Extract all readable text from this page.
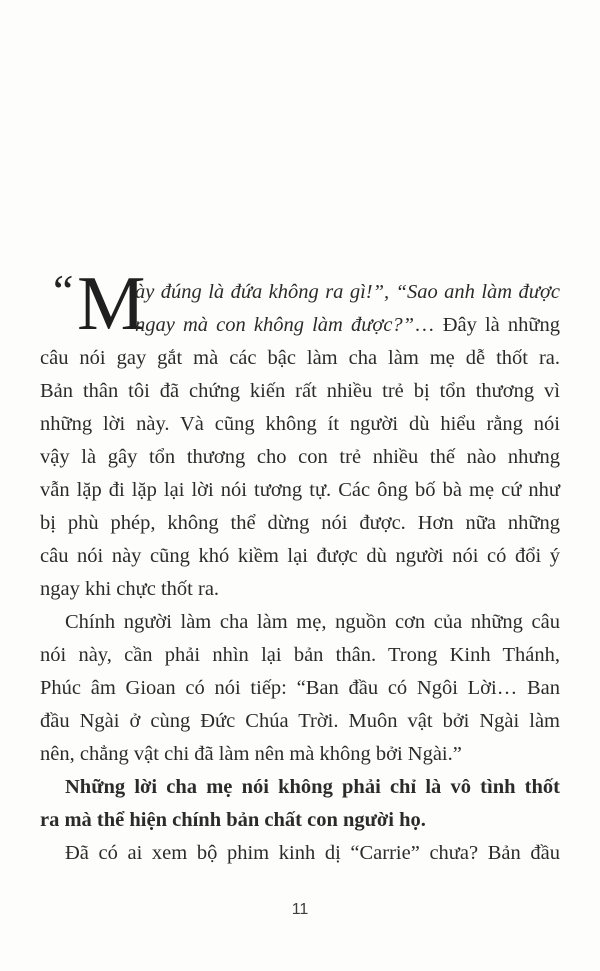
“ M
ày đúng là đứa không ra gì!”, “Sao anh làm được
ngay mà con không làm được?”… Đây là những
câu nói gay gắt mà các bậc làm cha làm mẹ dễ thốt ra.
Bản thân tôi đã chứng kiến rất nhiều trẻ bị tổn thương vì
những lời này. Và cũng không ít người dù hiểu rằng nói
vậy là gây tổn thương cho con trẻ nhiều thế nào nhưng
vẫn lặp đi lặp lại lời nói tương tự. Các ông bố bà mẹ cứ như
bị phù phép, không thể dừng nói được. Hơn nữa những
câu nói này cũng khó kiềm lại được dù người nói có đổi ý
ngay khi chực thốt ra.
Chính người làm cha làm mẹ, nguồn cơn của những câu
nói này, cần phải nhìn lại bản thân. Trong Kinh Thánh,
Phúc âm Gioan có nói tiếp: “Ban đầu có Ngôi Lời… Ban
đầu Ngài ở cùng Đức Chúa Trời. Muôn vật bởi Ngài làm
nên, chẳng vật chi đã làm nên mà không bởi Ngài.”
Những lời cha mẹ nói không phải chỉ là vô tình thốt
ra mà thể hiện chính bản chất con người họ.
Đã có ai xem bộ phim kinh dị “Carrie” chưa? Bản đầu
11
